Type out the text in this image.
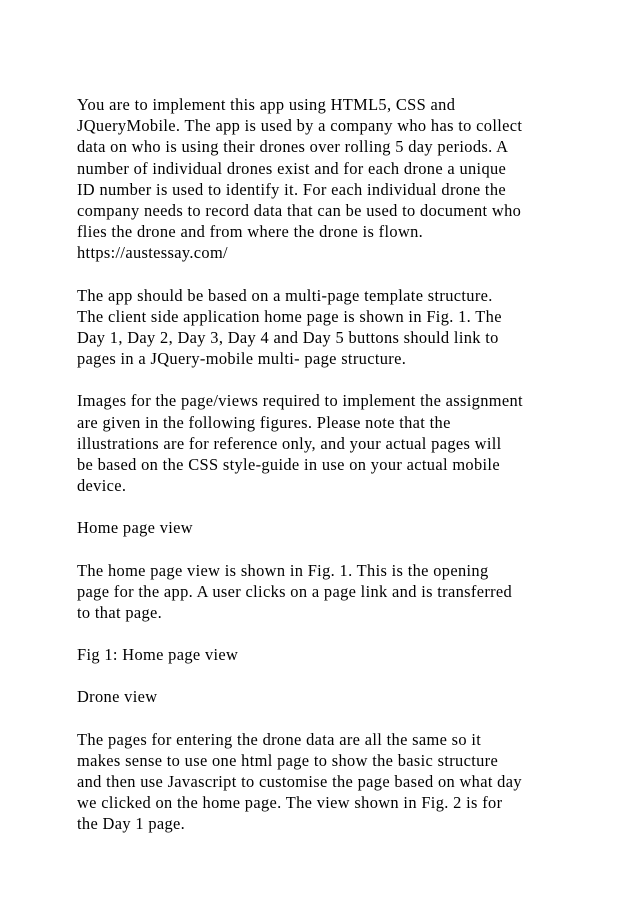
You are to implement this app using HTML5, CSS and
JQueryMobile. The app is used by a company who has to collect
data on who is using their drones over rolling 5 day periods. A
number of individual drones exist and for each drone a unique
ID number is used to identify it. For each individual drone the
company needs to record data that can be used to document who
flies the drone and from where the drone is flown.
https://austessay.com/

The app should be based on a multi-page template structure.
The client side application home page is shown in Fig. 1. The
Day 1, Day 2, Day 3, Day 4 and Day 5 buttons should link to
pages in a JQuery-mobile multi- page structure.

Images for the page/views required to implement the assignment
are given in the following figures. Please note that the
illustrations are for reference only, and your actual pages will
be based on the CSS style-guide in use on your actual mobile
device.

Home page view

The home page view is shown in Fig. 1. This is the opening
page for the app. A user clicks on a page link and is transferred
to that page.

Fig 1: Home page view

Drone view

The pages for entering the drone data are all the same so it
makes sense to use one html page to show the basic structure
and then use Javascript to customise the page based on what day
we clicked on the home page. The view shown in Fig. 2 is for
the Day 1 page.
